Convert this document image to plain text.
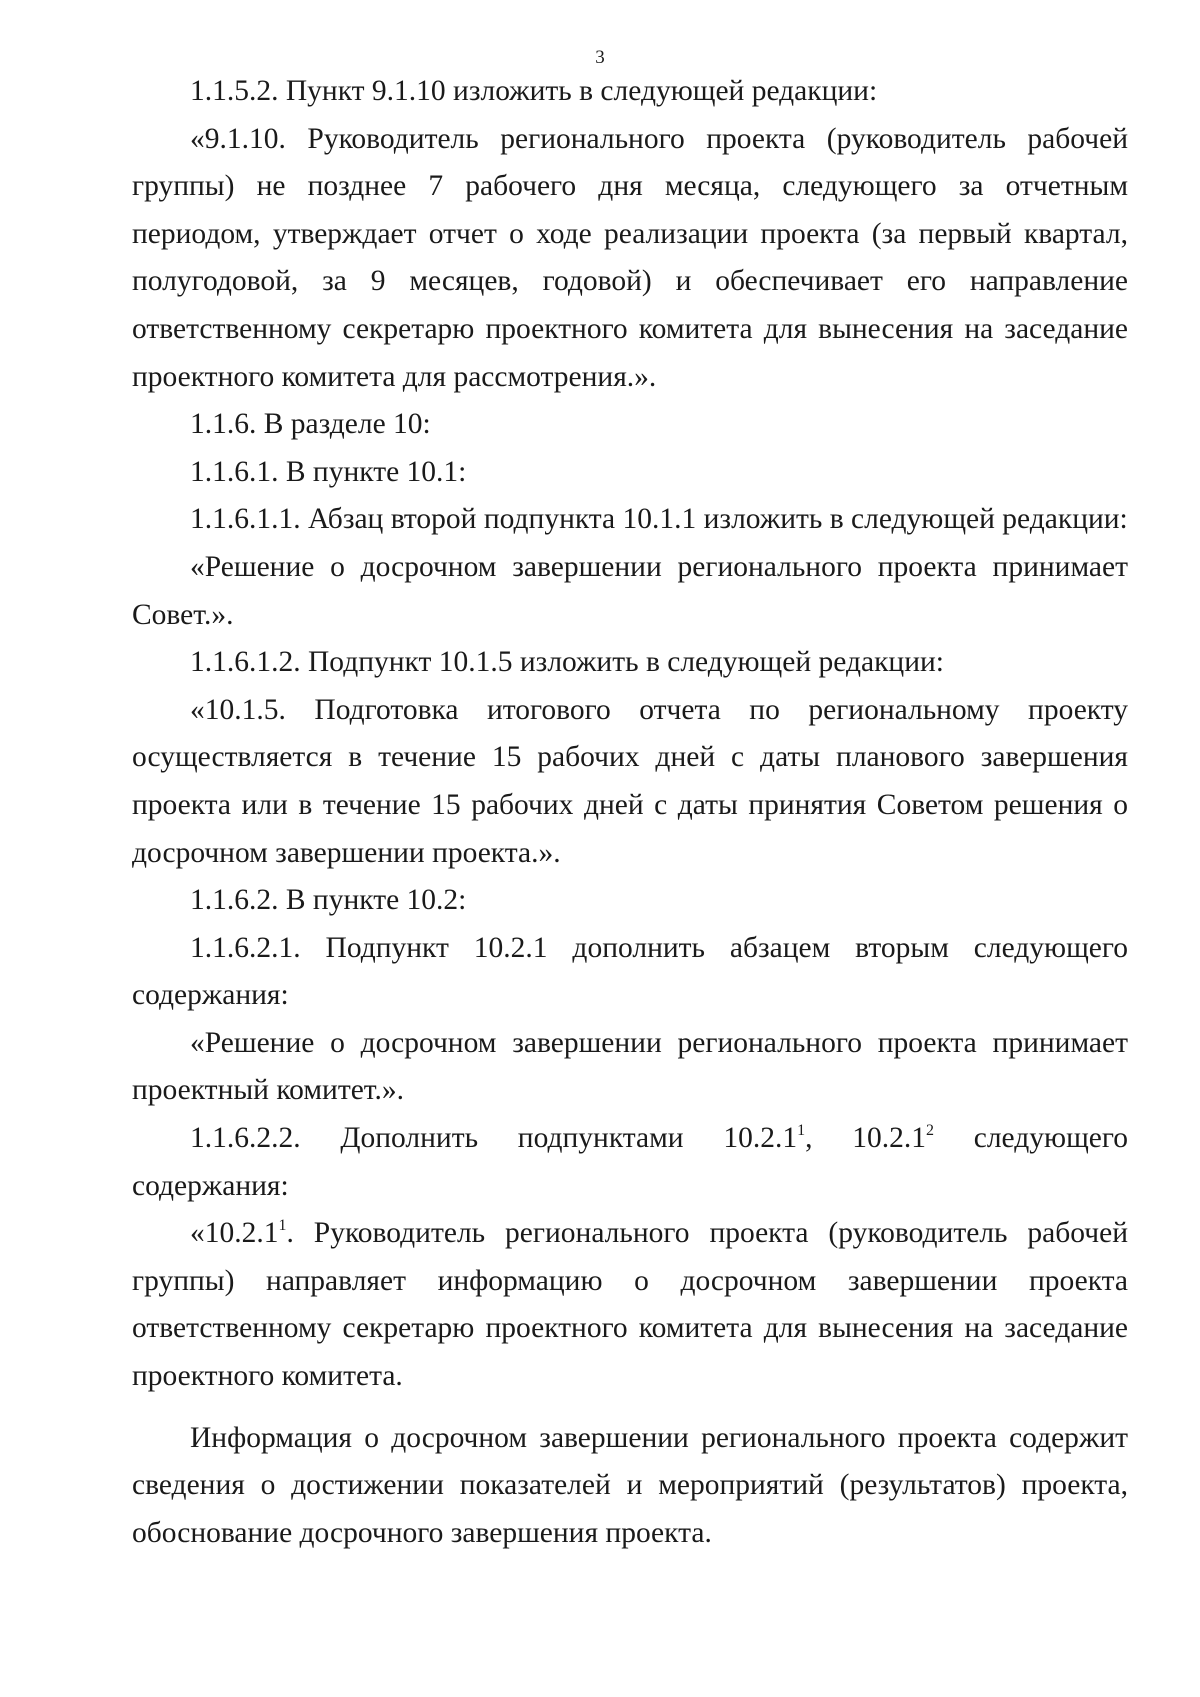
3

1.1.5.2. Пункт 9.1.10 изложить в следующей редакции:

«9.1.10. Руководитель регионального проекта (руководитель рабочей группы) не позднее 7 рабочего дня месяца, следующего за отчетным периодом, утверждает отчет о ходе реализации проекта (за первый квартал, полугодовой, за 9 месяцев, годовой) и обеспечивает его направление ответственному секретарю проектного комитета для вынесения на заседание проектного комитета для рассмотрения.».

1.1.6. В разделе 10:

1.1.6.1. В пункте 10.1:

1.1.6.1.1. Абзац второй подпункта 10.1.1 изложить в следующей редакции:

«Решение о досрочном завершении регионального проекта принимает Совет.».

1.1.6.1.2. Подпункт 10.1.5 изложить в следующей редакции:

«10.1.5. Подготовка итогового отчета по региональному проекту осуществляется в течение 15 рабочих дней с даты планового завершения проекта или в течение 15 рабочих дней с даты принятия Советом решения о досрочном завершении проекта.».

1.1.6.2. В пункте 10.2:

1.1.6.2.1. Подпункт 10.2.1 дополнить абзацем вторым следующего содержания:

«Решение о досрочном завершении регионального проекта принимает проектный комитет.».

1.1.6.2.2. Дополнить подпунктами 10.2.1$^1$, 10.2.1$^2$ следующего содержания:

«10.2.1$^1$. Руководитель регионального проекта (руководитель рабочей группы) направляет информацию о досрочном завершении проекта ответственному секретарю проектного комитета для вынесения на заседание проектного комитета.

Информация о досрочном завершении регионального проекта содержит сведения о достижении показателей и мероприятий (результатов) проекта, обоснование досрочного завершения проекта.
